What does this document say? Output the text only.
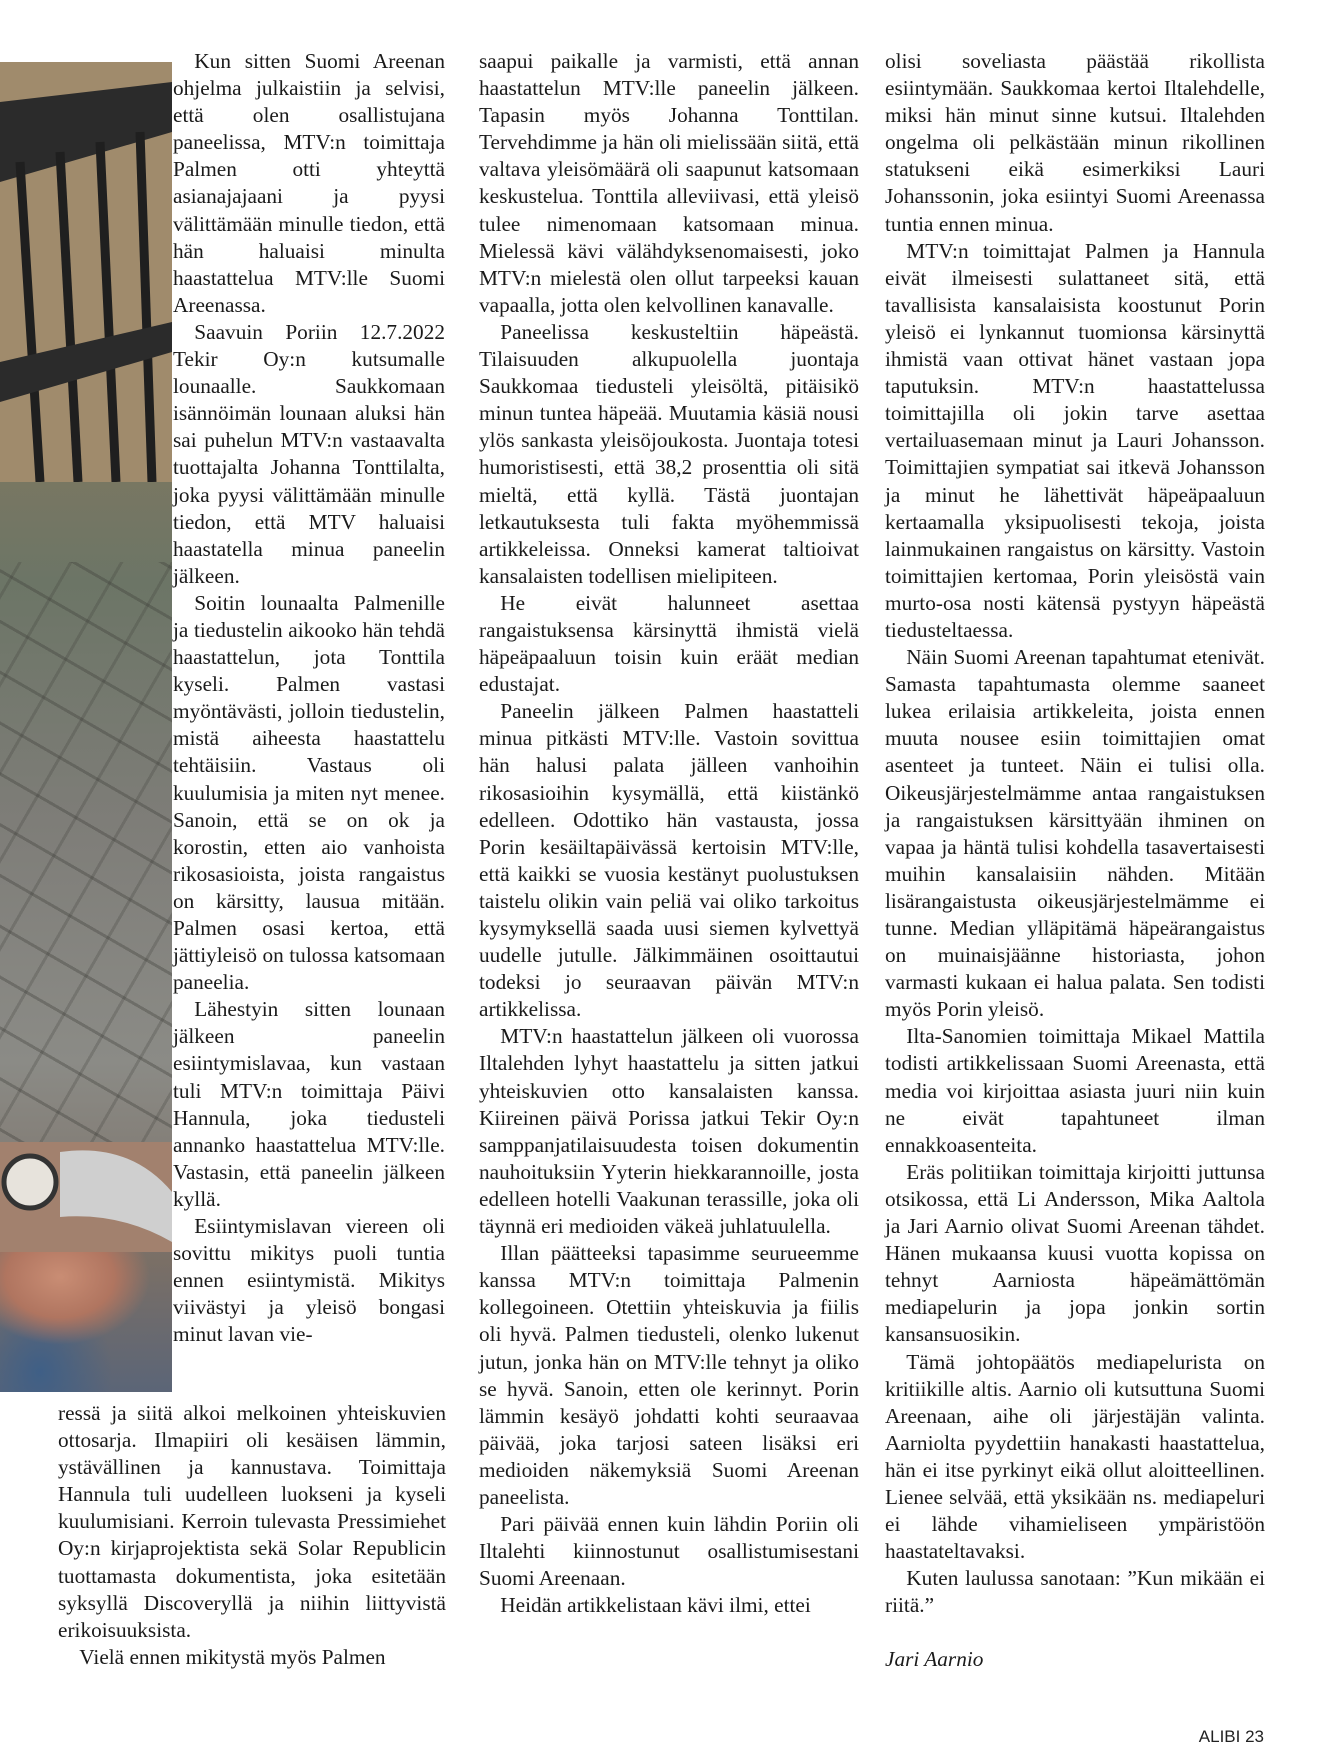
Kun sitten Suomi Areenan ohjelma julkaistiin ja selvisi, että olen osallistujana paneelissa, MTV:n toimittaja Palmen otti yhteyttä asianajajaani ja pyysi välittämään minulle tiedon, että hän haluaisi minulta haastattelua MTV:lle Suomi Areenassa.

Saavuin Poriin 12.7.2022 Tekir Oy:n kutsumalle lounaalle. Saukkomaan isännöimän lounaan aluksi hän sai puhelun MTV:n vastaavalta tuottajalta Johanna Tonttilalta, joka pyysi välittämään minulle tiedon, että MTV haluaisi haastatella minua paneelin jälkeen.

Soitin lounaalta Palmenille ja tiedustelin aikooko hän tehdä haastattelun, jota Tonttila kyseli. Palmen vastasi myöntävästi, jolloin tiedustelin, mistä aiheesta haastattelu tehtäisiin. Vastaus oli kuulumisia ja miten nyt menee. Sanoin, että se on ok ja korostin, etten aio vanhoista rikosasioista, joista rangaistus on kärsitty, lausua mitään. Palmen osasi kertoa, että jättiyleisö on tulossa katsomaan paneelia.

Lähestyin sitten lounaan jälkeen paneelin esiintymislavaa, kun vastaan tuli MTV:n toimittaja Päivi Hannula, joka tiedusteli annanko haastattelua MTV:lle. Vastasin, että paneelin jälkeen kyllä.

Esiintymislavan viereen oli sovittu mikitys puoli tuntia ennen esiintymistä. Mikitys viivästyi ja yleisö bongasi minut lavan vie-

ressä ja siitä alkoi melkoinen yhteiskuvien ottosarja. Ilmapiiri oli kesäisen lämmin, ystävällinen ja kannustava. Toimittaja Hannula tuli uudelleen luokseni ja kyseli kuulumisiani. Kerroin tulevasta Pressimiehet Oy:n kirjaprojektista sekä Solar Republicin tuottamasta dokumentista, joka esitetään syksyllä Discoveryllä ja niihin liittyvistä erikoisuuksista.

Vielä ennen mikitystä myös Palmen

saapui paikalle ja varmisti, että annan haastattelun MTV:lle paneelin jälkeen. Tapasin myös Johanna Tonttilan. Tervehdimme ja hän oli mielissään siitä, että valtava yleisömäärä oli saapunut katsomaan keskustelua. Tonttila alleviivasi, että yleisö tulee nimenomaan katsomaan minua. Mielessä kävi välähdyksenomaisesti, joko MTV:n mielestä olen ollut tarpeeksi kauan vapaalla, jotta olen kelvollinen kanavalle.

Paneelissa keskusteltiin häpeästä. Tilaisuuden alkupuolella juontaja Saukkomaa tiedusteli yleisöltä, pitäisikö minun tuntea häpeää. Muutamia käsiä nousi ylös sankasta yleisöjoukosta. Juontaja totesi humoristisesti, että 38,2 prosenttia oli sitä mieltä, että kyllä. Tästä juontajan letkautuksesta tuli fakta myöhemmissä artikkeleissa. Onneksi kamerat taltioivat kansalaisten todellisen mielipiteen.

He eivät halunneet asettaa rangaistuksensa kärsinyttä ihmistä vielä häpeäpaaluun toisin kuin eräät median edustajat.

Paneelin jälkeen Palmen haastatteli minua pitkästi MTV:lle. Vastoin sovittua hän halusi palata jälleen vanhoihin rikosasioihin kysymällä, että kiistänkö edelleen. Odottiko hän vastausta, jossa Porin kesäiltapäivässä kertoisin MTV:lle, että kaikki se vuosia kestänyt puolustuksen taistelu olikin vain peliä vai oliko tarkoitus kysymyksellä saada uusi siemen kylvettyä uudelle jutulle. Jälkimmäinen osoittautui todeksi jo seuraavan päivän MTV:n artikkelissa.

MTV:n haastattelun jälkeen oli vuorossa Iltalehden lyhyt haastattelu ja sitten jatkui yhteiskuvien otto kansalaisten kanssa. Kiireinen päivä Porissa jatkui Tekir Oy:n samppanjatilaisuudesta toisen dokumentin nauhoituksiin Yyterin hiekkarannoille, josta edelleen hotelli Vaakunan terassille, joka oli täynnä eri medioiden väkeä juhlatuulella.

Illan päätteeksi tapasimme seurueemme kanssa MTV:n toimittaja Palmenin kollegoineen. Otettiin yhteiskuvia ja fiilis oli hyvä. Palmen tiedusteli, olenko lukenut jutun, jonka hän on MTV:lle tehnyt ja oliko se hyvä. Sanoin, etten ole kerinnyt. Porin lämmin kesäyö johdatti kohti seuraavaa päivää, joka tarjosi sateen lisäksi eri medioiden näkemyksiä Suomi Areenan paneelista.

Pari päivää ennen kuin lähdin Poriin oli Iltalehti kiinnostunut osallistumisestani Suomi Areenaan.

Heidän artikkelistaan kävi ilmi, ettei

olisi soveliasta päästää rikollista esiintymään. Saukkomaa kertoi Iltalehdelle, miksi hän minut sinne kutsui. Iltalehden ongelma oli pelkästään minun rikollinen statukseni eikä esimerkiksi Lauri Johanssonin, joka esiintyi Suomi Areenassa tuntia ennen minua.

MTV:n toimittajat Palmen ja Hannula eivät ilmeisesti sulattaneet sitä, että tavallisista kansalaisista koostunut Porin yleisö ei lynkannut tuomionsa kärsinyttä ihmistä vaan ottivat hänet vastaan jopa taputuksin. MTV:n haastattelussa toimittajilla oli jokin tarve asettaa vertailuasemaan minut ja Lauri Johansson. Toimittajien sympatiat sai itkevä Johansson ja minut he lähettivät häpeäpaaluun kertaamalla yksipuolisesti tekoja, joista lainmukainen rangaistus on kärsitty. Vastoin toimittajien kertomaa, Porin yleisöstä vain murto-osa nosti kätensä pystyyn häpeästä tiedusteltaessa.

Näin Suomi Areenan tapahtumat etenivät. Samasta tapahtumasta olemme saaneet lukea erilaisia artikkeleita, joista ennen muuta nousee esiin toimittajien omat asenteet ja tunteet. Näin ei tulisi olla. Oikeusjärjestelmämme antaa rangaistuksen ja rangaistuksen kärsittyään ihminen on vapaa ja häntä tulisi kohdella tasavertaisesti muihin kansalaisiin nähden. Mitään lisärangaistusta oikeusjärjestelmämme ei tunne. Median ylläpitämä häpeärangaistus on muinaisjäänne historiasta, johon varmasti kukaan ei halua palata. Sen todisti myös Porin yleisö.

Ilta-Sanomien toimittaja Mikael Mattila todisti artikkelissaan Suomi Areenasta, että media voi kirjoittaa asiasta juuri niin kuin ne eivät tapahtuneet ilman ennakkoasenteita.

Eräs politiikan toimittaja kirjoitti juttunsa otsikossa, että Li Andersson, Mika Aaltola ja Jari Aarnio olivat Suomi Areenan tähdet. Hänen mukaansa kuusi vuotta kopissa on tehnyt Aarniosta häpeämättömän mediapelurin ja jopa jonkin sortin kansansuosikin.

Tämä johtopäätös mediapelurista on kritiikille altis. Aarnio oli kutsuttuna Suomi Areenaan, aihe oli järjestäjän valinta. Aarniolta pyydettiin hanakasti haastattelua, hän ei itse pyrkinyt eikä ollut aloitteellinen. Lienee selvää, että yksikään ns. mediapeluri ei lähde vihamieliseen ympäristöön haastateltavaksi.

Kuten laulussa sanotaan: ”Kun mikään ei riitä.”

Jari Aarnio

ALIBI 23
